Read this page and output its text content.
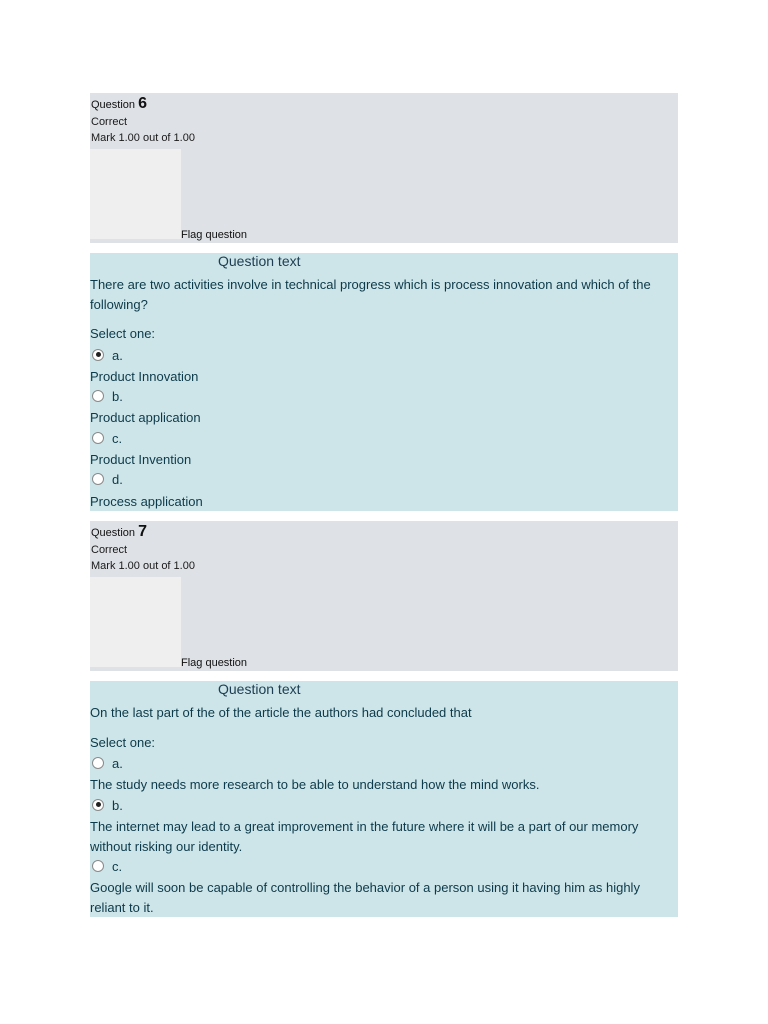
Question 6
Correct
Mark 1.00 out of 1.00
Flag question
Question text
There are two activities involve in technical progress which is process innovation and which of the following?
Select one:
a.
Product Innovation
b.
Product application
c.
Product Invention
d.
Process application
Question 7
Correct
Mark 1.00 out of 1.00
Flag question
Question text
On the last part of the of the article the authors had concluded that
Select one:
a.
The study needs more research to be able to understand how the mind works.
b.
The internet may lead to a great improvement in the future where it will be a part of our memory without risking our identity.
c.
Google will soon be capable of controlling the behavior of a person using it having him as highly reliant to it.
